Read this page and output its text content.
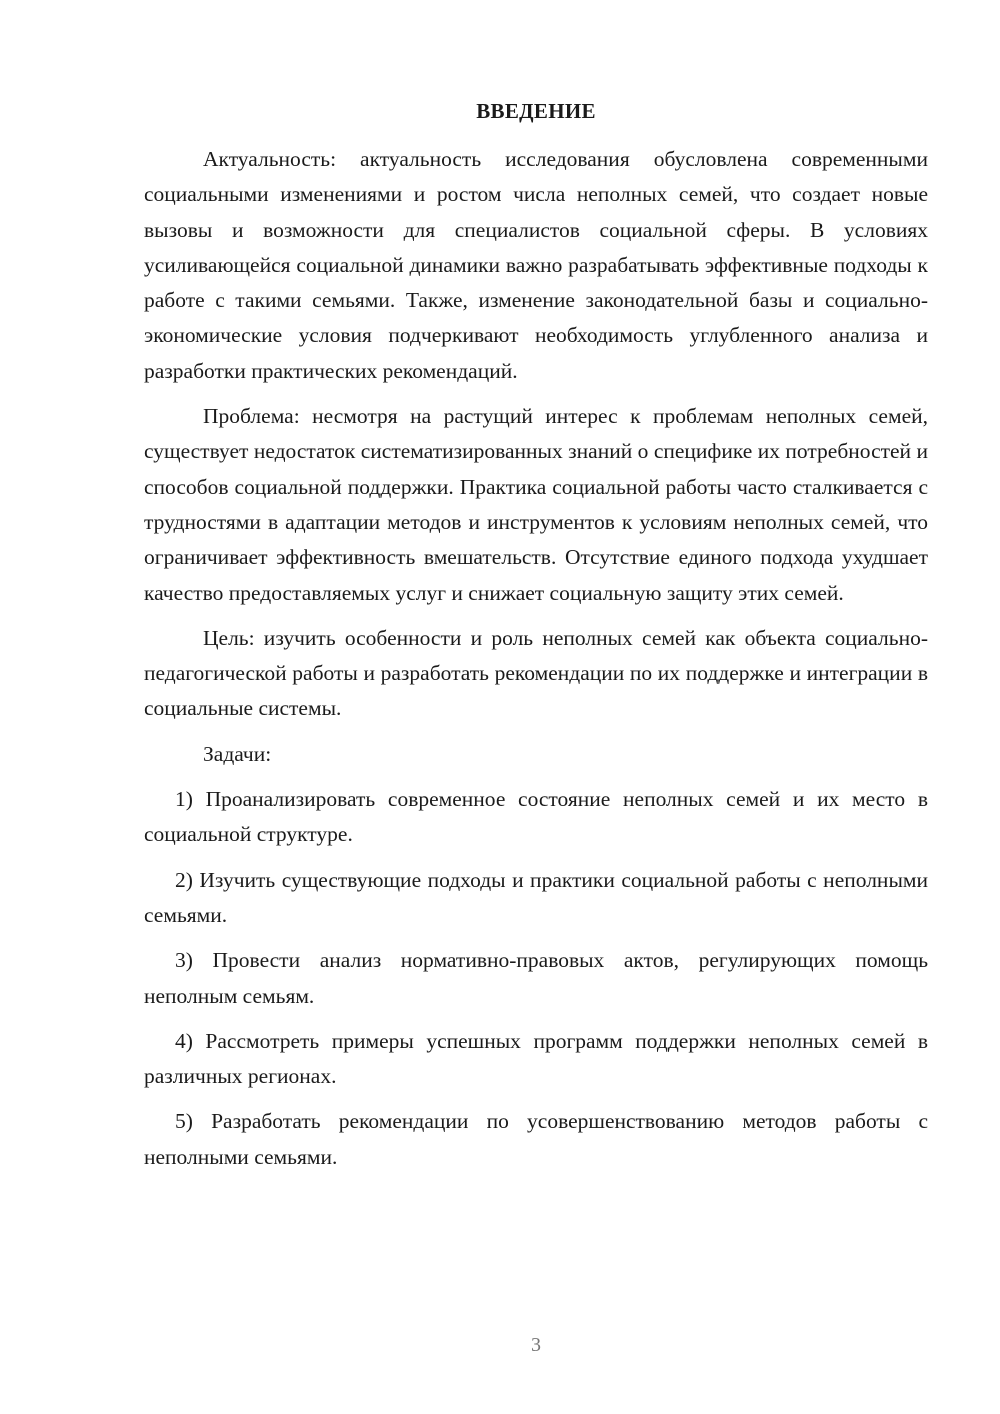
ВВЕДЕНИЕ

Актуальность: актуальность исследования обусловлена современными социальными изменениями и ростом числа неполных семей, что создает новые вызовы и возможности для специалистов социальной сферы. В условиях усиливающейся социальной динамики важно разрабатывать эффективные подходы к работе с такими семьями. Также, изменение законодательной базы и социально-экономические условия подчеркивают необходимость углубленного анализа и разработки практических рекомендаций.

Проблема: несмотря на растущий интерес к проблемам неполных семей, существует недостаток систематизированных знаний о специфике их потребностей и способов социальной поддержки. Практика социальной работы часто сталкивается с трудностями в адаптации методов и инструментов к условиям неполных семей, что ограничивает эффективность вмешательств. Отсутствие единого подхода ухудшает качество предоставляемых услуг и снижает социальную защиту этих семей.

Цель: изучить особенности и роль неполных семей как объекта социально-педагогической работы и разработать рекомендации по их поддержке и интеграции в социальные системы.

Задачи:

1) Проанализировать современное состояние неполных семей и их место в социальной структуре.

2) Изучить существующие подходы и практики социальной работы с неполными семьями.

3) Провести анализ нормативно-правовых актов, регулирующих помощь неполным семьям.

4) Рассмотреть примеры успешных программ поддержки неполных семей в различных регионах.

5) Разработать рекомендации по усовершенствованию методов работы с неполными семьями.

3
